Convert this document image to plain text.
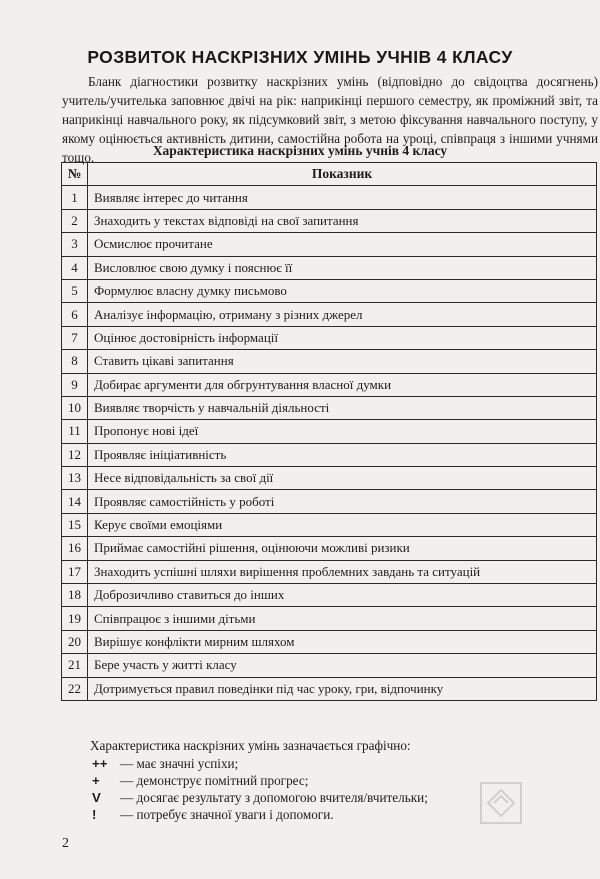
РОЗВИТОК НАСКРІЗНИХ УМІНЬ УЧНІВ 4 КЛАСУ

Бланк діагностики розвитку наскрізних умінь (відповідно до свідоцтва досягнень) учитель/учителька заповнює двічі на рік: наприкінці першого семестру, як проміжний звіт, та наприкінці навчального року, як підсумковий звіт, з метою фіксування навчального поступу, у якому оцінюється активність дитини, самостійна робота на уроці, співпраця з іншими учнями тощо.	Характеристика наскрізних умінь учнів 4 класу
№	Показник
1	Виявляє інтерес до читання
2	Знаходить у текстах відповіді на свої запитання
3	Осмислює прочитане
4	Висловлює свою думку і пояснює її
5	Формулює власну думку письмово
6	Аналізує інформацію, отриману з різних джерел
7	Оцінює достовірність інформації
8	Ставить цікаві запитання
9	Добирає аргументи для обгрунтування власної думки
10	Виявляє творчість у навчальній діяльності
11	Пропонує нові ідеї
12	Проявляє ініціативність
13	Несе відповідальність за свої дії
14	Проявляє самостійність у роботі
15	Керує своїми емоціями
16	Приймає самостійні рішення, оцінюючи можливі ризики
17	Знаходить успішні шляхи вирішення проблемних завдань та ситуацій
18	Доброзичливо ставиться до інших
19	Співпрацює з іншими дітьми
20	Вирішує конфлікти мирним шляхом
21	Бере участь у житті класу
22	Дотримується правил поведінки під час уроку, гри, відпочинку

Характеристика наскрізних умінь зазначається графічно:

++ — має значні успіхи;
+	— демонструє помітний прогрес;
V	— досягає результату з допомогою вчителя/вчительки;
!	— потребує значної уваги і допомоги.
2
